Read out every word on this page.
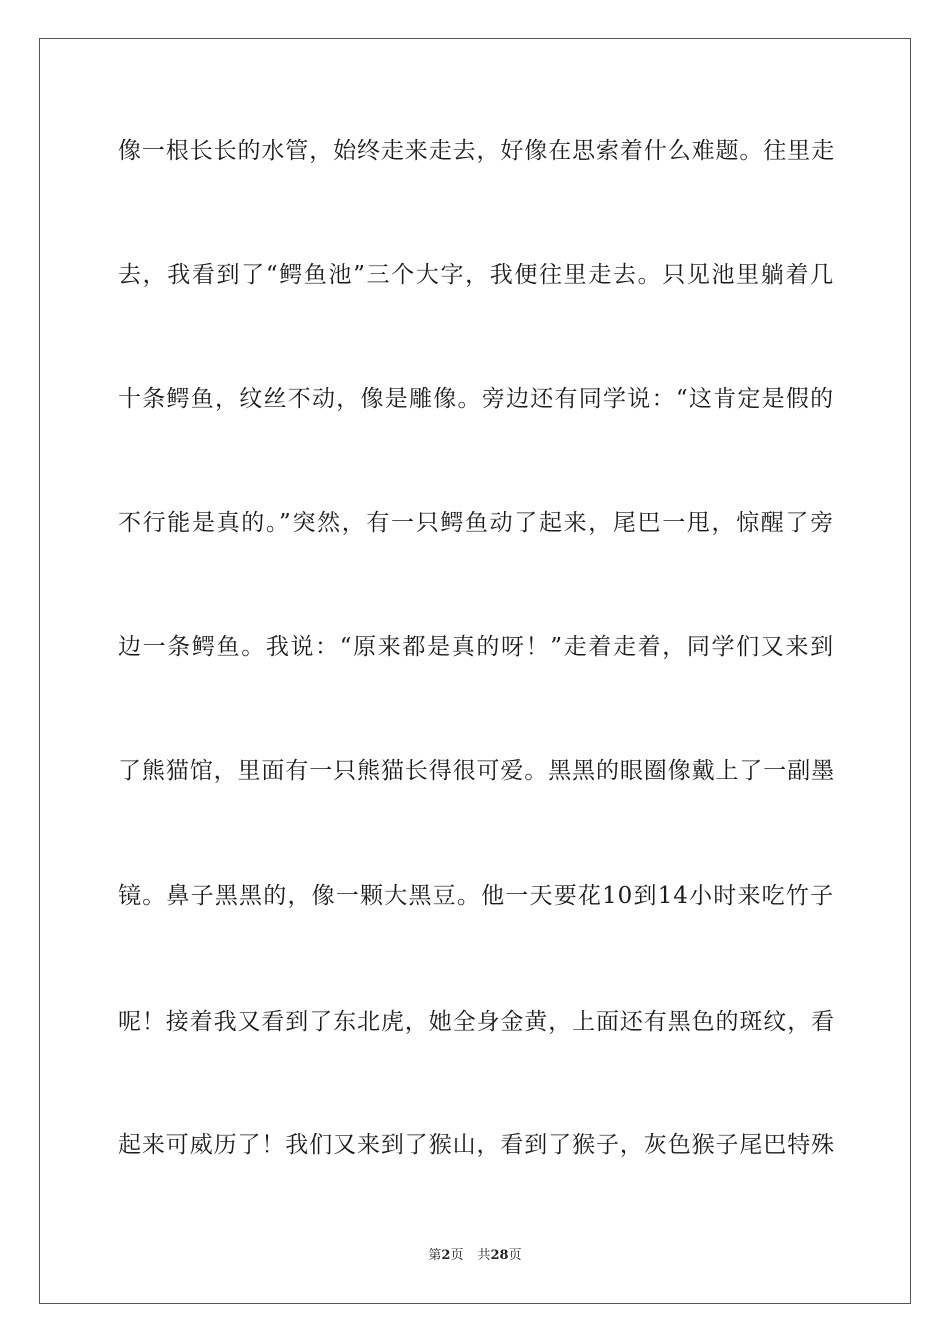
像一根长长的水管，始终走来走去，好像在思索着什么难题。往里走
去，我看到了“鳄鱼池”三个大字，我便往里走去。只见池里躺着几
十条鳄鱼，纹丝不动，像是雕像。旁边还有同学说：“这肯定是假的
不行能是真的。”突然，有一只鳄鱼动了起来，尾巴一甩，惊醒了旁
边一条鳄鱼。我说：“原来都是真的呀！”走着走着，同学们又来到
了熊猫馆，里面有一只熊猫长得很可爱。黑黑的眼圈像戴上了一副墨
镜。鼻子黑黑的，像一颗大黑豆。他一天要花10到14小时来吃竹子
呢！接着我又看到了东北虎，她全身金黄，上面还有黑色的斑纹，看
起来可威历了！我们又来到了猴山，看到了猴子，灰色猴子尾巴特殊
第2页 共28页
